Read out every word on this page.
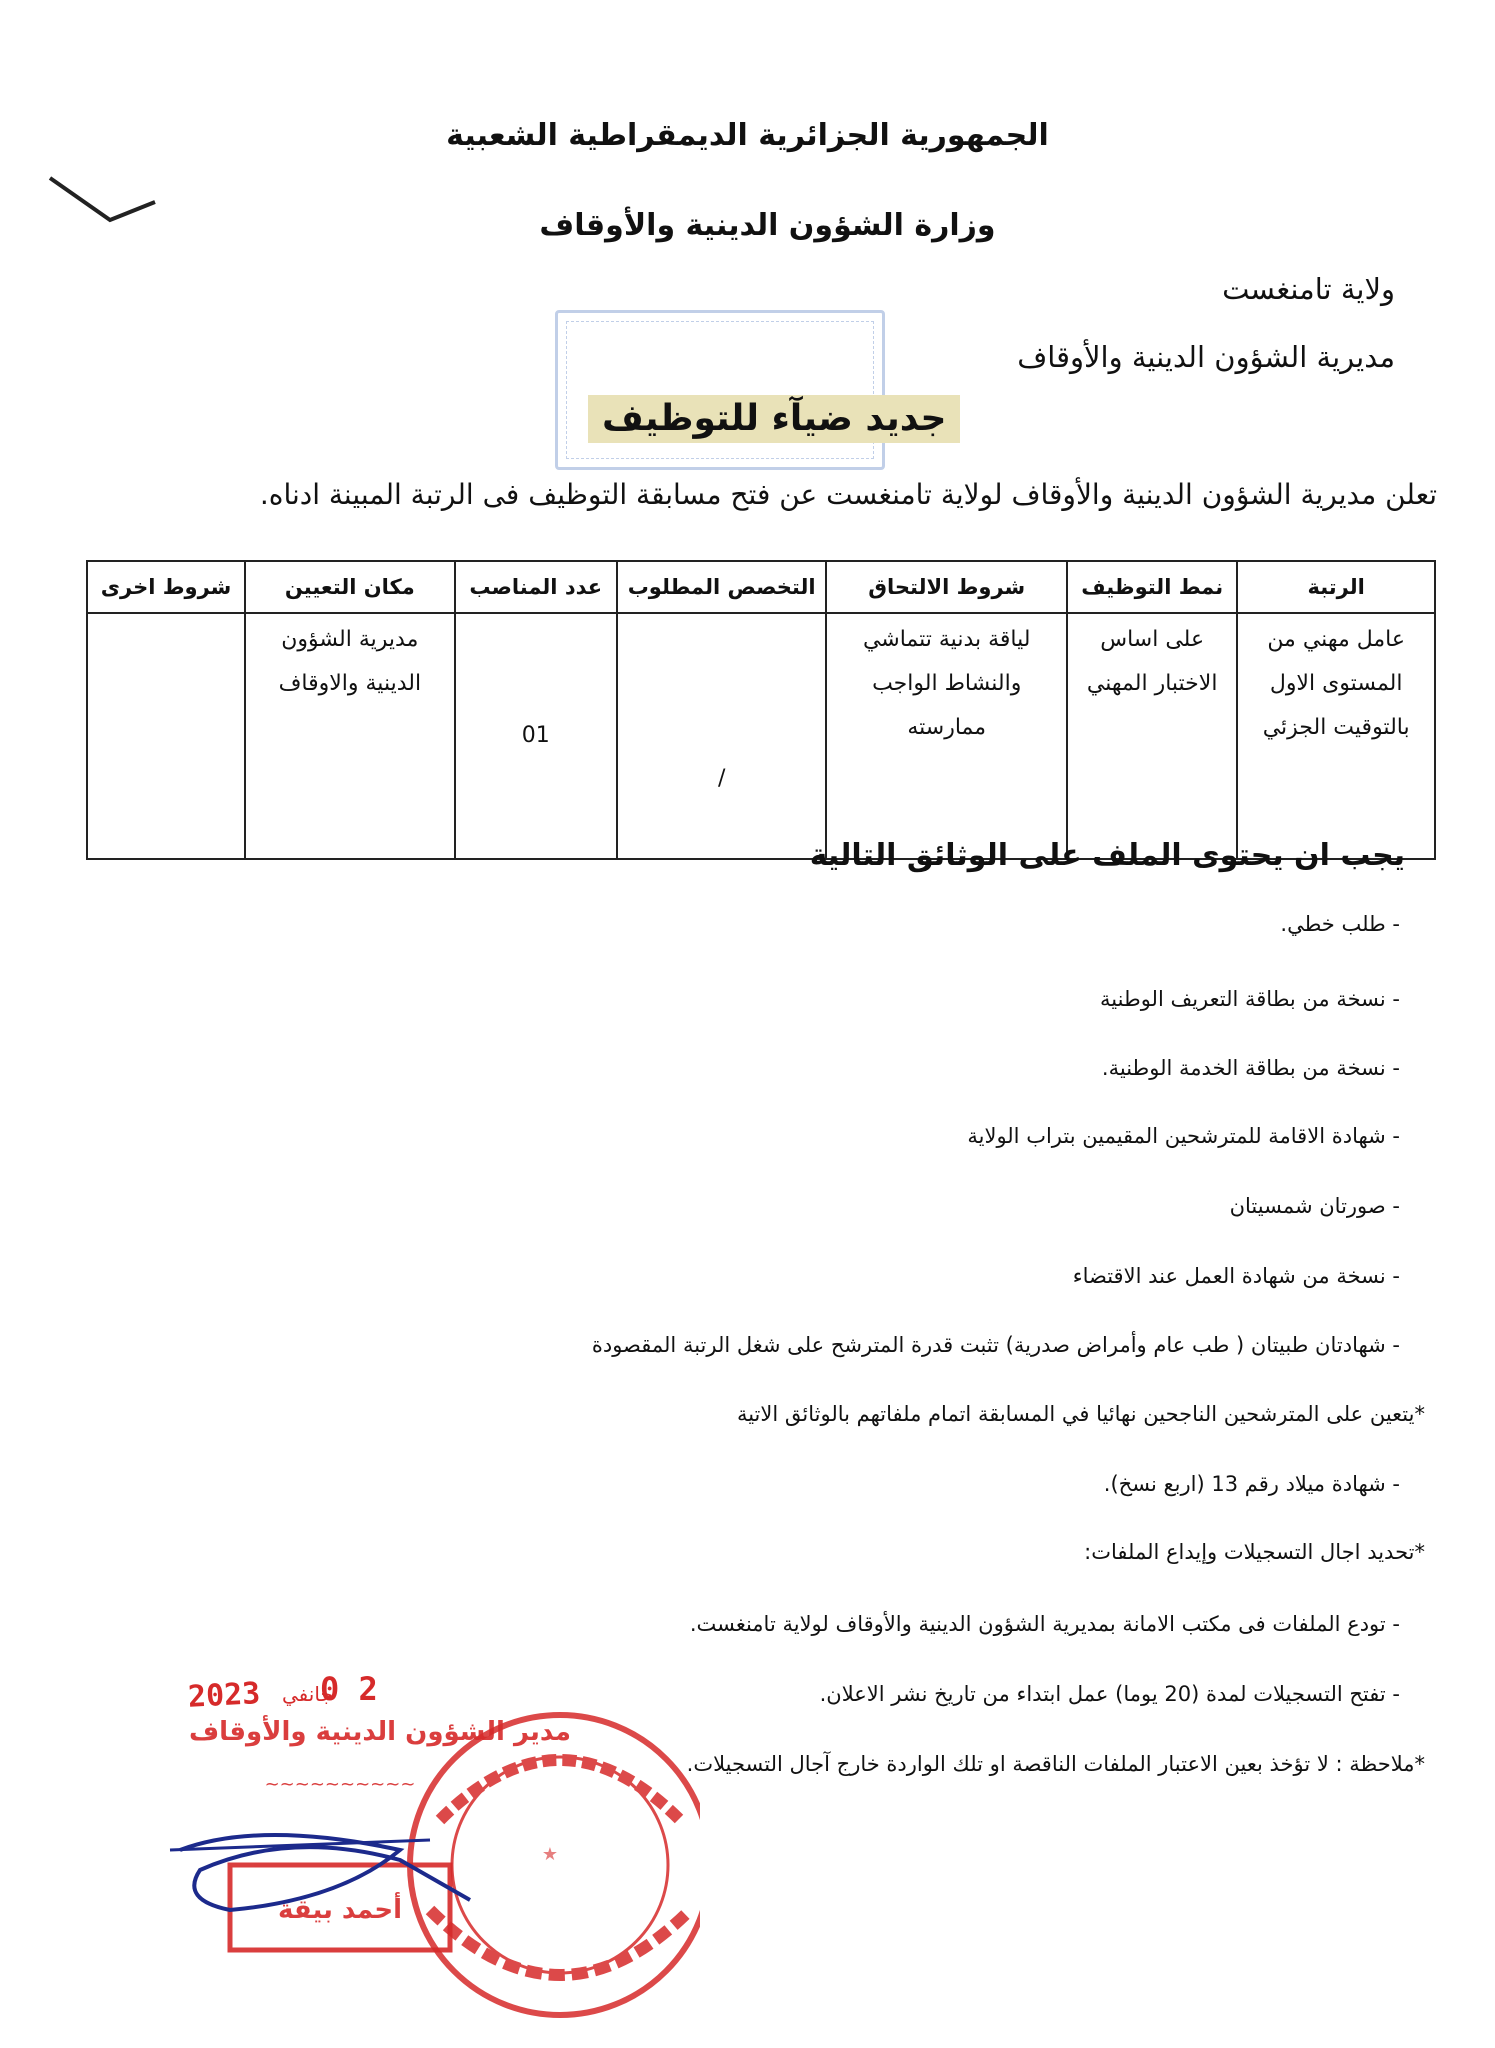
الجمهورية الجزائرية الديمقراطية الشعبية
وزارة الشؤون الدينية والأوقاف
ولاية تامنغست
مديرية الشؤون الدينية والأوقاف
جديد ضيآء للتوظيف
تعلن مديرية الشؤون الدينية والأوقاف لولاية تامنغست عن فتح مسابقة التوظيف فى الرتبة المبينة ادناه.
الرتبة	نمط التوظيف	شروط الالتحاق	التخصص المطلوب	عدد المناصب	مكان التعيين	شروط اخرى
عامل مهني من المستوى الاول بالتوقيت الجزئي	على اساس الاختبار المهني	لياقة بدنية تتماشي والنشاط الواجب ممارسته	/	01	مديرية الشؤون الدينية والاوقاف	
يجب ان يحتوى الملف على الوثائق التالية
- طلب خطي.
- نسخة من بطاقة التعريف الوطنية
- نسخة من بطاقة الخدمة الوطنية.
- شهادة الاقامة للمترشحين المقيمين بتراب الولاية
- صورتان شمسيتان
- نسخة من شهادة العمل عند الاقتضاء
- شهادتان طبيتان ( طب عام وأمراض صدرية) تثبت قدرة المترشح على شغل الرتبة المقصودة
*يتعين على المترشحين الناجحين نهائيا في المسابقة اتمام ملفاتهم بالوثائق الاتية
- شهادة ميلاد رقم 13 (اربع نسخ).
*تحديد اجال التسجيلات وإيداع الملفات:
- تودع الملفات فى مكتب الامانة بمديرية الشؤون الدينية والأوقاف لولاية تامنغست.
- تفتح التسجيلات لمدة (20 يوما) عمل ابتداء من تاريخ نشر الاعلان.
*ملاحظة : لا تؤخذ بعين الاعتبار الملفات الناقصة او تلك الواردة خارج آجال التسجيلات.
2023 جانفي
0 2
★
مدير الشؤون الدينية والأوقاف
~~~~~~~~~~
أحمد بيقة
